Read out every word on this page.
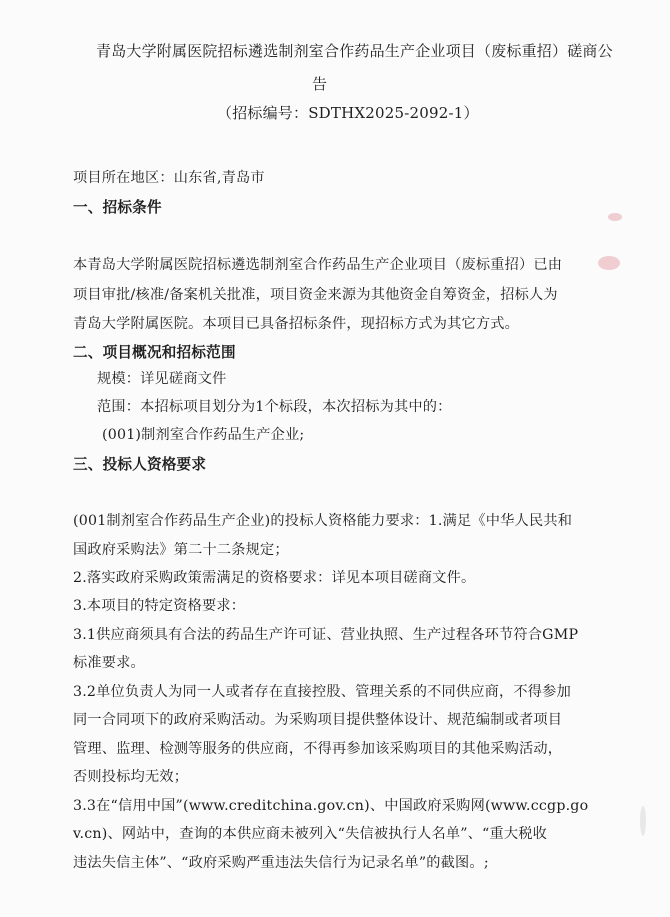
青岛大学附属医院招标遴选制剂室合作药品生产企业项目（废标重招）磋商公
告
（招标编号：SDTHX2025-2092-1）
项目所在地区：山东省,青岛市
一、招标条件
本青岛大学附属医院招标遴选制剂室合作药品生产企业项目（废标重招）已由
项目审批/核准/备案机关批准，项目资金来源为其他资金自筹资金，招标人为
青岛大学附属医院。本项目已具备招标条件，现招标方式为其它方式。
二、项目概况和招标范围
规模：详见磋商文件
范围：本招标项目划分为1个标段，本次招标为其中的：
(001)制剂室合作药品生产企业;
三、投标人资格要求
(001制剂室合作药品生产企业)的投标人资格能力要求：1.满足《中华人民共和
国政府采购法》第二十二条规定；
2.落实政府采购政策需满足的资格要求：详见本项目磋商文件。
3.本项目的特定资格要求：
3.1供应商须具有合法的药品生产许可证、营业执照、生产过程各环节符合GMP
标准要求。
3.2单位负责人为同一人或者存在直接控股、管理关系的不同供应商，不得参加
同一合同项下的政府采购活动。为采购项目提供整体设计、规范编制或者项目
管理、监理、检测等服务的供应商，不得再参加该采购项目的其他采购活动，
否则投标均无效；
3.3在“信用中国”(www.creditchina.gov.cn)、中国政府采购网(www.ccgp.go
v.cn)、网站中，查询的本供应商未被列入“失信被执行人名单”、“重大税收
违法失信主体”、“政府采购严重违法失信行为记录名单”的截图。;
